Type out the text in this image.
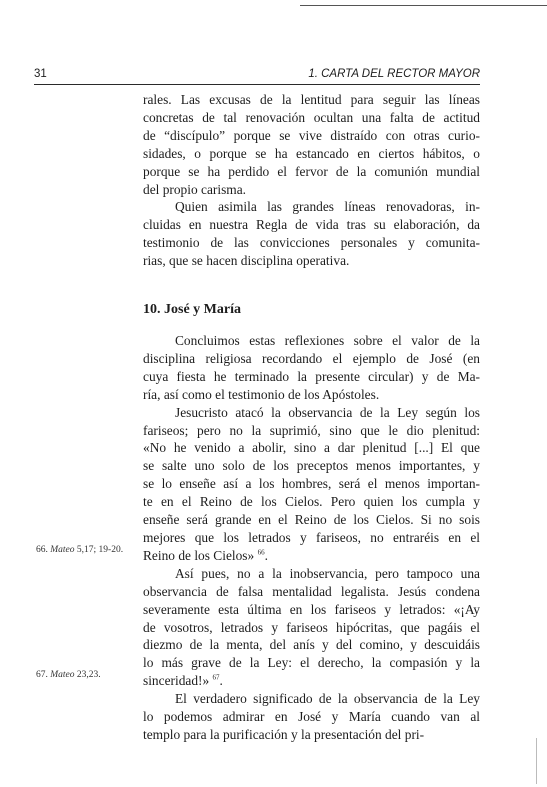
31	1. CARTA DEL RECTOR MAYOR

rales. Las excusas de la lentitud para seguir las líneas
concretas de tal renovación ocultan una falta de actitud
de “discípulo” porque se vive distraído con otras curio-
sidades, o porque se ha estancado en ciertos hábitos, o
porque se ha perdido el fervor de la comunión mundial
del propio carisma.

Quien asimila las grandes líneas renovadoras, in-
cluidas en nuestra Regla de vida tras su elaboración, da
testimonio de las convicciones personales y comunita-
rias, que se hacen disciplina operativa.

10. José y María

Concluimos estas reflexiones sobre el valor de la
disciplina religiosa recordando el ejemplo de José (en
cuya fiesta he terminado la presente circular) y de Ma-
ría, así como el testimonio de los Apóstoles.

Jesucristo atacó la observancia de la Ley según los
fariseos; pero no la suprimió, sino que le dio plenitud:
«No he venido a abolir, sino a dar plenitud [...] El que
se salte uno solo de los preceptos menos importantes, y
se lo enseñe así a los hombres, será el menos importan-
te en el Reino de los Cielos. Pero quien los cumpla y
enseñe será grande en el Reino de los Cielos. Si no sois
mejores que los letrados y fariseos, no entraréis en el
Reino de los Cielos» $^{66}$.

Así pues, no a la inobservancia, pero tampoco una
observancia de falsa mentalidad legalista. Jesús condena
severamente esta última en los fariseos y letrados: «¡Ay
de vosotros, letrados y fariseos hipócritas, que pagáis el
diezmo de la menta, del anís y del comino, y descuidáis
lo más grave de la Ley: el derecho, la compasión y la
sinceridad!» $^{67}$.

El verdadero significado de la observancia de la Ley
lo podemos admirar en José y María cuando van al
templo para la purificación y la presentación del pri-

66. Mateo 5,17; 19-20.
67. Mateo 23,23.
